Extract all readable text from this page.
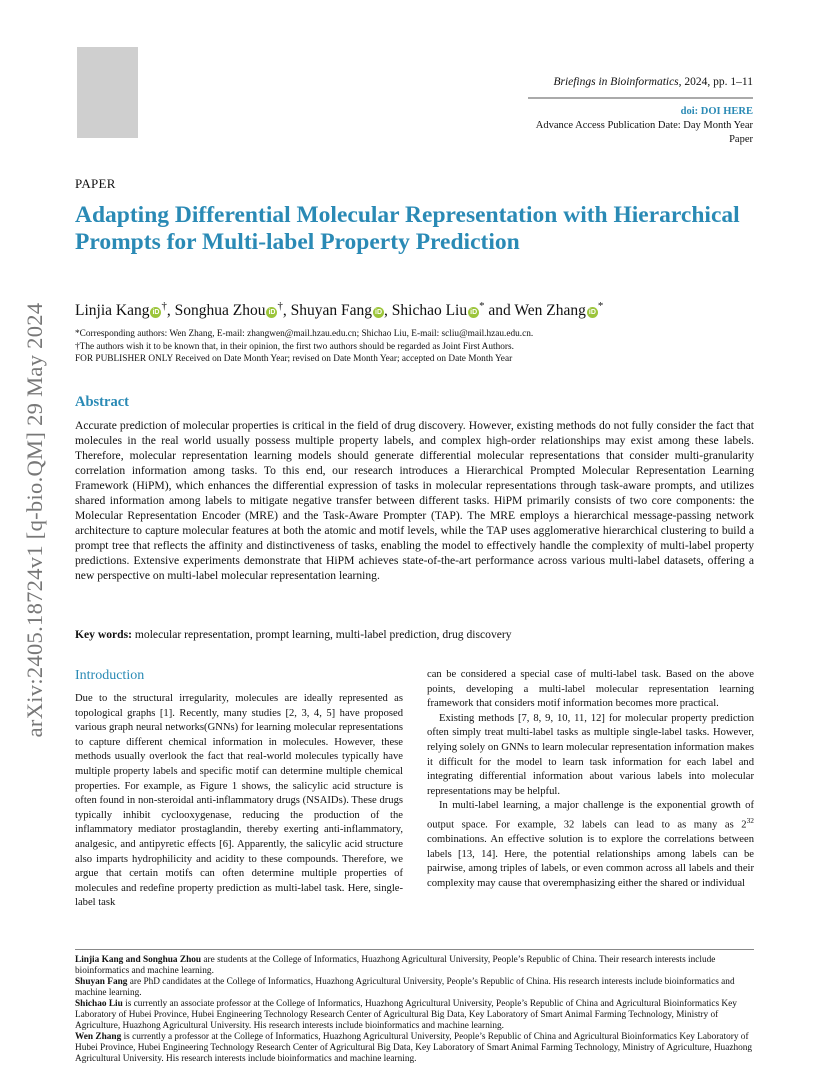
Briefings in Bioinformatics, 2024, pp. 1–11
doi: DOI HERE
Advance Access Publication Date: Day Month Year
Paper
arXiv:2405.18724v1 [q-bio.QM] 29 May 2024
PAPER
Adapting Differential Molecular Representation with Hierarchical Prompts for Multi-label Property Prediction
Linjia Kang iD†, Songhua Zhou iD†, Shuyan Fang iD , Shichao Liu iD* and Wen Zhang iD*
*Corresponding authors: Wen Zhang, E-mail: zhangwen@mail.hzau.edu.cn; Shichao Liu, E-mail: scliu@mail.hzau.edu.cn.
†The authors wish it to be known that, in their opinion, the first two authors should be regarded as Joint First Authors.
FOR PUBLISHER ONLY Received on Date Month Year; revised on Date Month Year; accepted on Date Month Year
Abstract
Accurate prediction of molecular properties is critical in the field of drug discovery. However, existing methods do not fully consider the fact that molecules in the real world usually possess multiple property labels, and complex high-order relationships may exist among these labels. Therefore, molecular representation learning models should generate differential molecular representations that consider multi-granularity correlation information among tasks. To this end, our research introduces a Hierarchical Prompted Molecular Representation Learning Framework (HiPM), which enhances the differential expression of tasks in molecular representations through task-aware prompts, and utilizes shared information among labels to mitigate negative transfer between different tasks. HiPM primarily consists of two core components: the Molecular Representation Encoder (MRE) and the Task-Aware Prompter (TAP). The MRE employs a hierarchical message-passing network architecture to capture molecular features at both the atomic and motif levels, while the TAP uses agglomerative hierarchical clustering to build a prompt tree that reflects the affinity and distinctiveness of tasks, enabling the model to effectively handle the complexity of multi-label property predictions. Extensive experiments demonstrate that HiPM achieves state-of-the-art performance across various multi-label datasets, offering a new perspective on multi-label molecular representation learning.
Key words: molecular representation, prompt learning, multi-label prediction, drug discovery
Introduction

Due to the structural irregularity, molecules are ideally represented as topological graphs [1]. Recently, many studies [2, 3, 4, 5] have proposed various graph neural networks(GNNs) for learning molecular representations to capture different chemical information in molecules. However, these methods usually overlook the fact that real-world molecules typically have multiple property labels and specific motif can determine multiple chemical properties. For example, as Figure 1 shows, the salicylic acid structure is often found in non-steroidal anti-inflammatory drugs (NSAIDs). These drugs typically inhibit cyclooxygenase, reducing the production of the inflammatory mediator prostaglandin, thereby exerting anti-inflammatory, analgesic, and antipyretic effects [6]. Apparently, the salicylic acid structure also imparts hydrophilicity and acidity to these compounds. Therefore, we argue that certain motifs can often determine multiple properties of molecules and redefine property prediction as multi-label task. Here, single-label task

can be considered a special case of multi-label task. Based on the above points, developing a multi-label molecular representation learning framework that considers motif information becomes more practical.

Existing methods [7, 8, 9, 10, 11, 12] for molecular property prediction often simply treat multi-label tasks as multiple single-label tasks. However, relying solely on GNNs to learn molecular representation information makes it difficult for the model to learn task information for each label and integrating differential information about various labels into molecular representations may be helpful.

In multi-label learning, a major challenge is the exponential growth of output space. For example, 32 labels can lead to as many as $2^{32}$ combinations. An effective solution is to explore the correlations between labels [13, 14]. Here, the potential relationships among labels can be pairwise, among triples of labels, or even common across all labels and their complexity may cause that overemphasizing either the shared or individual

Linjia Kang and Songhua Zhou are students at the College of Informatics, Huazhong Agricultural University, People’s Republic of China. Their research interests include bioinformatics and machine learning.

Shuyan Fang are PhD candidates at the College of Informatics, Huazhong Agricultural University, People’s Republic of China. His research interests include bioinformatics and machine learning.

Shichao Liu is currently an associate professor at the College of Informatics, Huazhong Agricultural University, People’s Republic of China and Agricultural Bioinformatics Key Laboratory of Hubei Province, Hubei Engineering Technology Research Center of Agricultural Big Data, Key Laboratory of Smart Animal Farming Technology, Ministry of Agriculture, Huazhong Agricultural University. His research interests include bioinformatics and machine learning.

Wen Zhang is currently a professor at the College of Informatics, Huazhong Agricultural University, People’s Republic of China and Agricultural Bioinformatics Key Laboratory of Hubei Province, Hubei Engineering Technology Research Center of Agricultural Big Data, Key Laboratory of Smart Animal Farming Technology, Ministry of Agriculture, Huazhong Agricultural University. His research interests include bioinformatics and machine learning.
